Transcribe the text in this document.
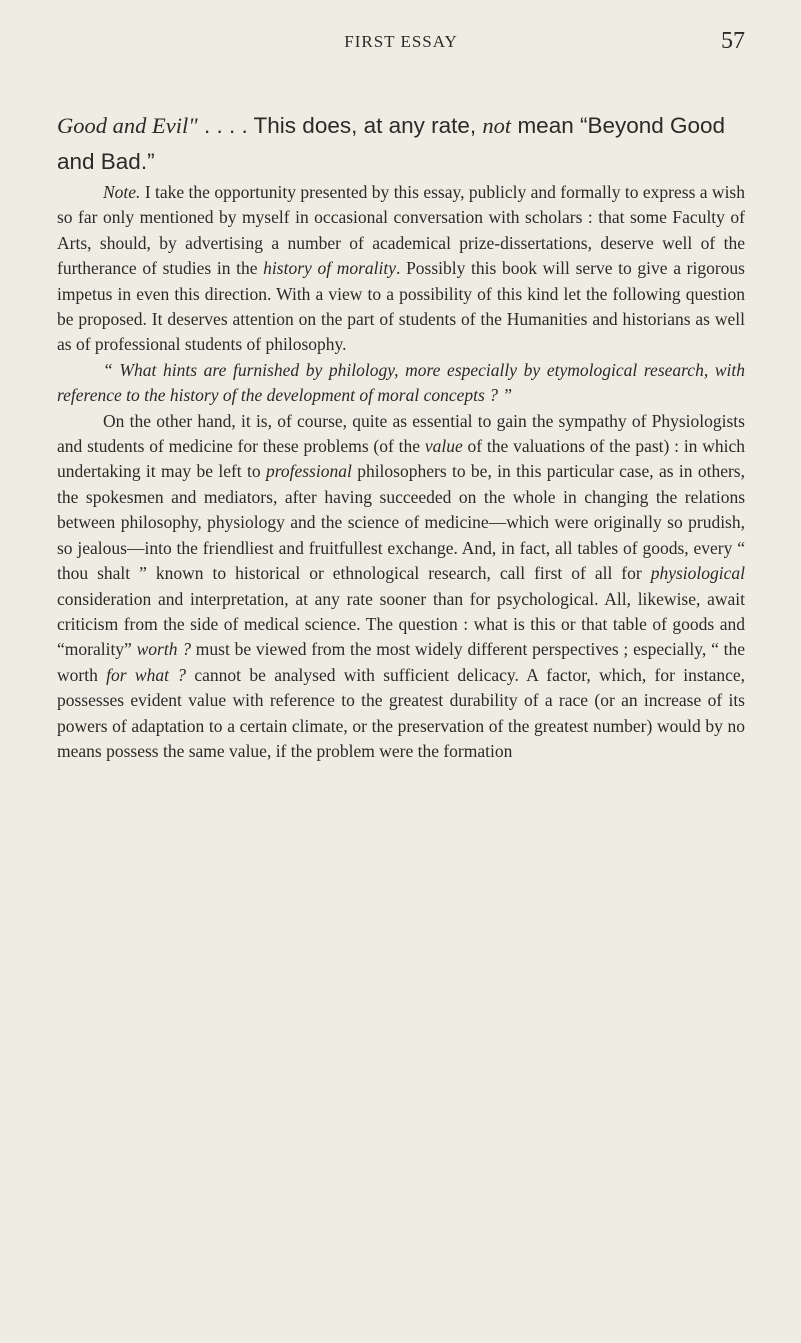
FIRST ESSAY	57
Good and Evil" . . . . This does, at any rate, not mean “Beyond Good and Bad.”

Note. I take the opportunity presented by this essay, publicly and formally to express a wish so far only mentioned by myself in occasional conversation with scholars : that some Faculty of Arts, should, by advertising a number of academical prize-dissertations, deserve well of the furtherance of studies in the history of morality. Possibly this book will serve to give a rigorous impetus in even this direction. With a view to a possibility of this kind let the following question be proposed. It deserves attention on the part of students of the Humanities and historians as well as of professional students of philosophy.

“ What hints are furnished by philology, more especially by etymological research, with reference to the history of the development of moral concepts ? ”

On the other hand, it is, of course, quite as essential to gain the sympathy of Physiologists and students of medicine for these problems (of the value of the valuations of the past) : in which undertaking it may be left to professional philosophers to be, in this particular case, as in others, the spokesmen and mediators, after having succeeded on the whole in changing the relations between philosophy, physiology and the science of medicine—which were originally so prudish, so jealous—into the friendliest and fruitfullest exchange. And, in fact, all tables of goods, every “ thou shalt ” known to historical or ethnological research, call first of all for physiological consideration and interpretation, at any rate sooner than for psychological. All, likewise, await criticism from the side of medical science. The question : what is this or that table of goods and “morality” worth ? must be viewed from the most widely different perspectives ; especially, “ the worth for what ? cannot be analysed with sufficient delicacy. A factor, which, for instance, possesses evident value with reference to the greatest durability of a race (or an increase of its powers of adaptation to a certain climate, or the preservation of the greatest number) would by no means possess the same value, if the problem were the formation
